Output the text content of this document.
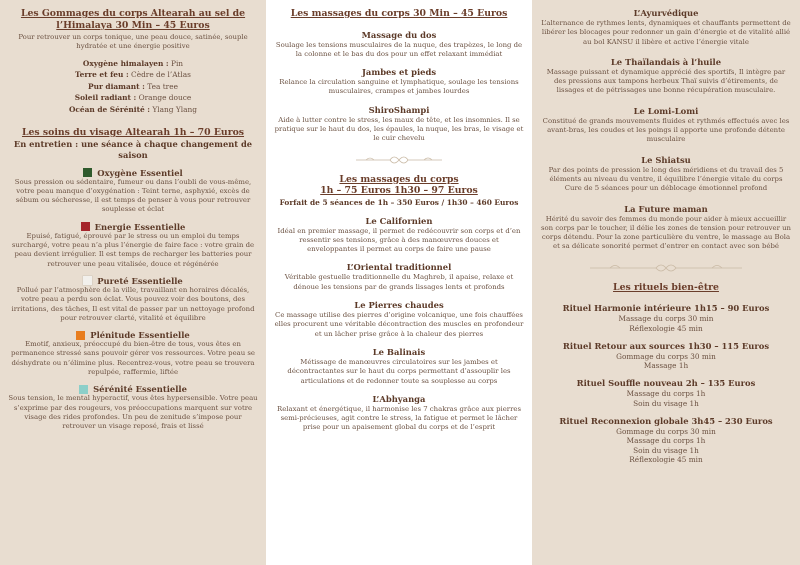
Les Gommages du corps Altearah au sel de
l’Himalaya 30 Min – 45 Euros
Pour retrouver un corps tonique, une peau douce, satinée, souple hydratée et une énergie positive
Oxygène himalayen : Pin
Terre et feu : Cèdre de l’Atlas
Pur diamant : Tea tree
Soleil radiant : Orange douce
Océan de Sérénité : Ylang Ylang
Les soins du visage Altearah 1h – 70 Euros
En entretien : une séance à chaque changement de saison
Oxygène Essentiel
Sous pression ou sédentaire, fumeur ou dans l’oubli de vous-même, votre peau manque d’oxygénation : Teint terne, asphyxié, excès de sébum ou sécheresse, il est temps de penser à vous pour retrouver souplesse et éclat
Energie Essentielle
Epuisé, fatigué, éprouvé par le stress ou un emploi du temps surchargé, votre peau n’a plus l’énergie de faire face : votre grain de peau devient irrégulier. Il est temps de recharger les batteries pour retrouver une peau vitalisée, douce et régénérée
Pureté Essentielle
Pollué par l’atmosphère de la ville, travaillant en horaires décalés, votre peau a perdu son éclat. Vous pouvez voir des boutons, des irritations, des tâches, Il est vital de passer par un nettoyage profond pour retrouver clarté, vitalité et équilibre
Plénitude Essentielle
Emotif, anxieux, préoccupé du bien-être de tous, vous êtes en permanence stressé sans pouvoir gérer vos ressources. Votre peau se déshydrate ou n’élimine plus. Recentrez-vous, votre peau se trouvera repulpée, raffermie, liftée
Sérénité Essentielle
Sous tension, le mental hyperactif, vous êtes hypersensible. Votre peau s’exprime par des rougeurs, vos préoccupations marquent sur votre visage des rides profondes. Un peu de zenitude s’impose pour retrouver un visage reposé, frais et lissé
Les massages du corps 30 Min – 45 Euros
Massage du dos
Soulage les tensions musculaires de la nuque, des trapèzes, le long de la colonne et le bas du dos pour un effet relaxant immédiat
Jambes et pieds
Relance la circulation sanguine et lymphatique, soulage les tensions musculaires, crampes et jambes lourdes
ShiroShampi
Aide à lutter contre le stress, les maux de tête, et les insomnies. Il se pratique sur le haut du dos, les épaules, la nuque, les bras, le visage et le cuir chevelu
Les massages du corps
1h – 75 Euros 1h30 – 97 Euros
Forfait de 5 séances de 1h – 350 Euros / 1h30 – 460 Euros
Le Californien
Idéal en premier massage, il permet de redécouvrir son corps et d’en ressentir ses tensions, grâce à des manœuvres douces et enveloppantes il permet au corps de faire une pause
L’Oriental traditionnel
Véritable gestuelle traditionnelle du Maghreb, il apaise, relaxe et dénoue les tensions par de grands lissages lents et profonds
Le Pierres chaudes
Ce massage utilise des pierres d’origine volcanique, une fois chauffées elles procurent une véritable décontraction des muscles en profondeur et un lâcher prise grâce à la chaleur des pierres
Le Balinais
Métissage de manœuvres circulatoires sur les jambes et décontractantes sur le haut du corps permettant d’assouplir les articulations et de redonner toute sa souplesse au corps
L’Abhyanga
Relaxant et énergétique, il harmonise les 7 chakras grâce aux pierres semi-précieuses, agit contre le stress, la fatigue et permet le lâcher prise pour un apaisement global du corps et de l’esprit
L’Ayurvédique
L’alternance de rythmes lents, dynamiques et chauffants permettent de libérer les blocages pour redonner un gain d’énergie et de vitalité allié au bol KANSU il libère et active l’énergie vitale
Le Thaïlandais à l’huile
Massage puissant et dynamique apprécié des sportifs, Il intègre par des pressions aux tampons herbeux Thaï suivis d’étirements, de lissages et de pétrissages une bonne récupération musculaire.
Le Lomi-Lomi
Constitué de grands mouvements fluides et rythmés effectués avec les avant-bras, les coudes et les poings il apporte une profonde détente musculaire
Le Shiatsu
Par des points de pression le long des méridiens et du travail des 5 éléments au niveau du ventre, il équilibre l’énergie vitale du corps Cure de 5 séances pour un déblocage émotionnel profond
La Future maman
Hérité du savoir des femmes du monde pour aider à mieux accueillir son corps par le toucher, il délie les zones de tension pour retrouver un corps détendu. Pour la zone particulière du ventre, le massage au Bola et sa délicate sonorité permet d’entrer en contact avec son bébé
Les rituels bien-être
Rituel Harmonie intérieure 1h15 – 90 Euros
Massage du corps 30 min
Réflexologie 45 min
Rituel Retour aux sources 1h30 – 115 Euros
Gommage du corps 30 min
Massage 1h
Rituel Souffle nouveau 2h – 135 Euros
Massage du corps 1h
Soin du visage 1h
Rituel Reconnexion globale 3h45 – 230 Euros
Gommage du corps 30 min
Massage du corps 1h
Soin du visage 1h
Réflexologie 45 min
